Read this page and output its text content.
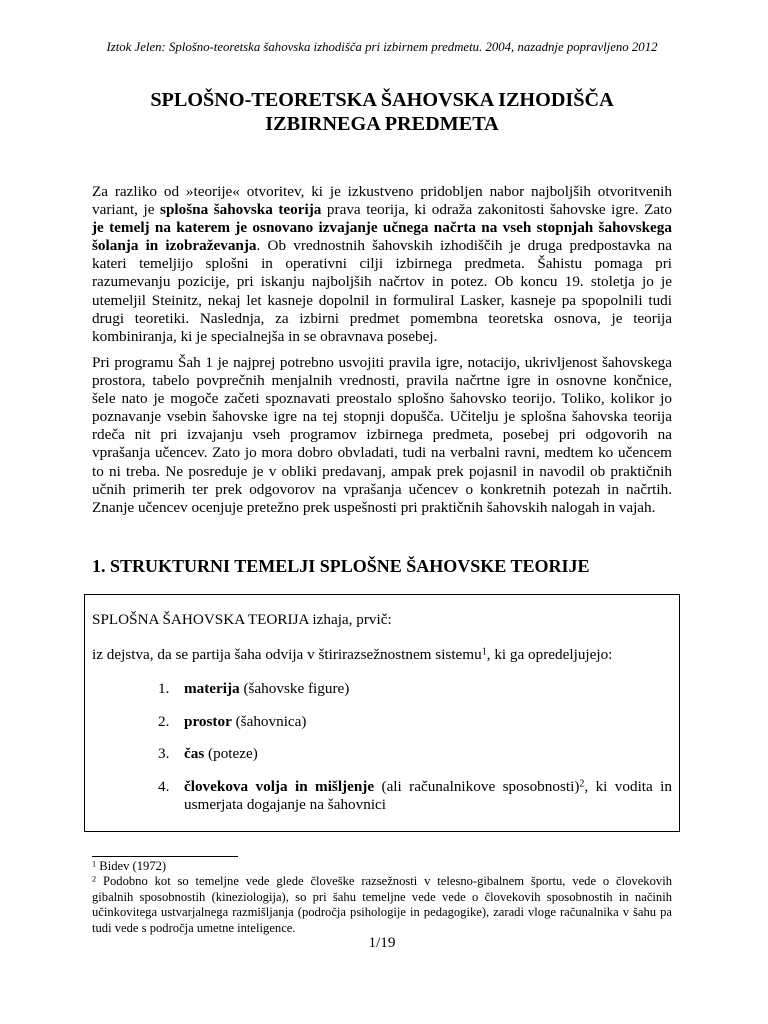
Iztok Jelen: Splošno-teoretska šahovska izhodišča pri izbirnem predmetu. 2004, nazadnje popravljeno 2012
SPLOŠNO-TEORETSKA ŠAHOVSKA IZHODIŠČA
IZBIRNEGA PREDMETA
Za razliko od »teorije« otvoritev, ki je izkustveno pridobljen nabor najboljših otvoritvenih
variant, je splošna šahovska teorija prava teorija, ki odraža zakonitosti šahovske igre. Zato
je temelj na katerem je osnovano izvajanje učnega načrta na vseh stopnjah šahovskega
šolanja in izobraževanja. Ob vrednostnih šahovskih izhodiščih je druga predpostavka na
kateri temeljijo splošni in operativni cilji izbirnega predmeta. Šahistu pomaga pri
razumevanju pozicije, pri iskanju najboljših načrtov in potez. Ob koncu 19. stoletja jo je
utemeljil Steinitz, nekaj let kasneje dopolnil in formuliral Lasker, kasneje pa spopolnili tudi
drugi teoretiki. Naslednja, za izbirni predmet pomembna teoretska osnova, je teorija
kombiniranja, ki je specialnejša in se obravnava posebej.
Pri programu Šah 1 je najprej potrebno usvojiti pravila igre, notacijo, ukrivljenost šahovskega
prostora, tabelo povprečnih menjalnih vrednosti, pravila načrtne igre in osnovne končnice,
šele nato je mogoče začeti spoznavati preostalo splošno šahovsko teorijo. Toliko, kolikor jo
poznavanje vsebin šahovske igre na tej stopnji dopušča. Učitelju je splošna šahovska teorija
rdeča nit pri izvajanju vseh programov izbirnega predmeta, posebej pri odgovorih na
vprašanja učencev. Zato jo mora dobro obvladati, tudi na verbalni ravni, medtem ko učencem
to ni treba. Ne posreduje je v obliki predavanj, ampak prek pojasnil in navodil ob praktičnih
učnih primerih ter prek odgovorov na vprašanja učencev o konkretnih potezah in načrtih.
Znanje učencev ocenjuje pretežno prek uspešnosti pri praktičnih šahovskih nalogah in vajah.
1. STRUKTURNI TEMELJI SPLOŠNE ŠAHOVSKE TEORIJE
SPLOŠNA ŠAHOVSKA TEORIJA izhaja, prvič:
iz dejstva, da se partija šaha odvija v štirirazsežnostnem sistemu$^1$, ki ga opredeljujejo:
1. materija (šahovske figure)
2. prostor (šahovnica)
3. čas (poteze)
4. človekova volja in mišljenje (ali računalnikove sposobnosti)$^2$, ki vodita in
usmerjata dogajanje na šahovnici
$^1$ Bidev (1972)
$^2$ Podobno kot so temeljne vede glede človeške razsežnosti v telesno-gibalnem športu, vede o človekovih
gibalnih sposobnostih (kineziologija), so pri šahu temeljne vede vede o človekovih sposobnostih in načinih
učinkovitega ustvarjalnega razmišljanja (področja psihologije in pedagogike), zaradi vloge računalnika v šahu pa
tudi vede s področja umetne inteligence.
1/19
